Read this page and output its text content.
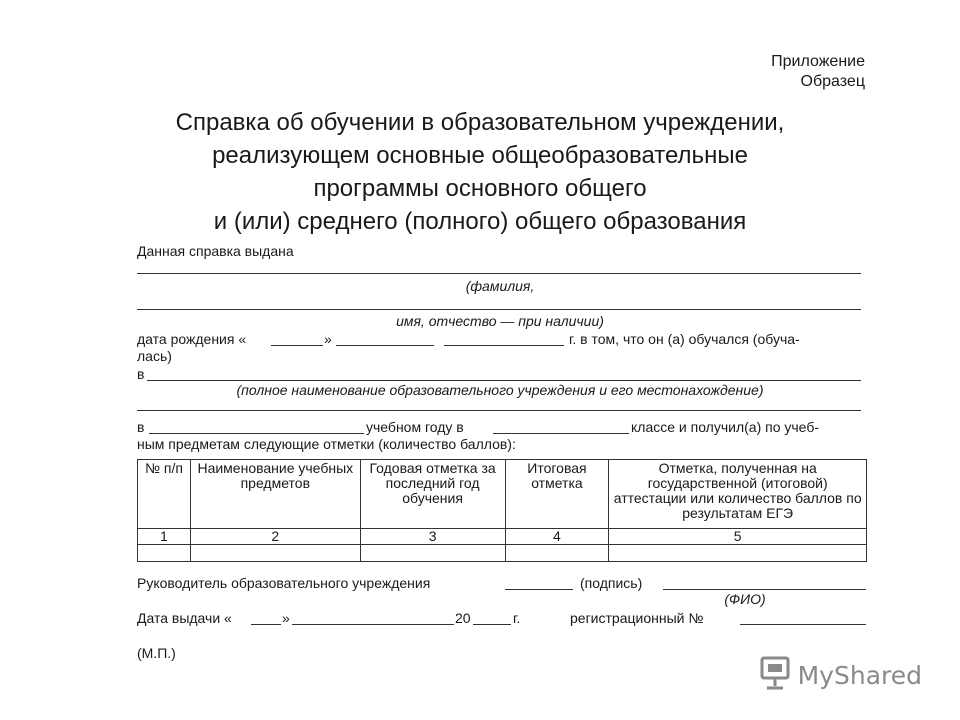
Приложение
Образец
Справка об обучении в образовательном учреждении,
реализующем основные общеобразовательные
программы основного общего
и (или) среднего (полного) общего образования
Данная справка выдана
(фамилия,
имя, отчество — при наличии)
дата рождения «	»	г. в том, что он (а) обучался (обуча-
лась)
в
(полное наименование образовательного учреждения и его местонахождение)
в	учебном году в	классе и получил(а) по учеб-
ным предметам следующие отметки (количество баллов):
№ п/п	Наименование учебных предметов	Годовая отметка за последний год обучения	Итоговая отметка	Отметка, полученная на государственной (итоговой) аттестации или количество баллов по результатам ЕГЭ
1	2	3	4	5

Руководитель образовательного учреждения	(подпись)
(ФИО)
Дата выдачи «	»	20	г.	регистрационный №
(М.П.)
MyShared
